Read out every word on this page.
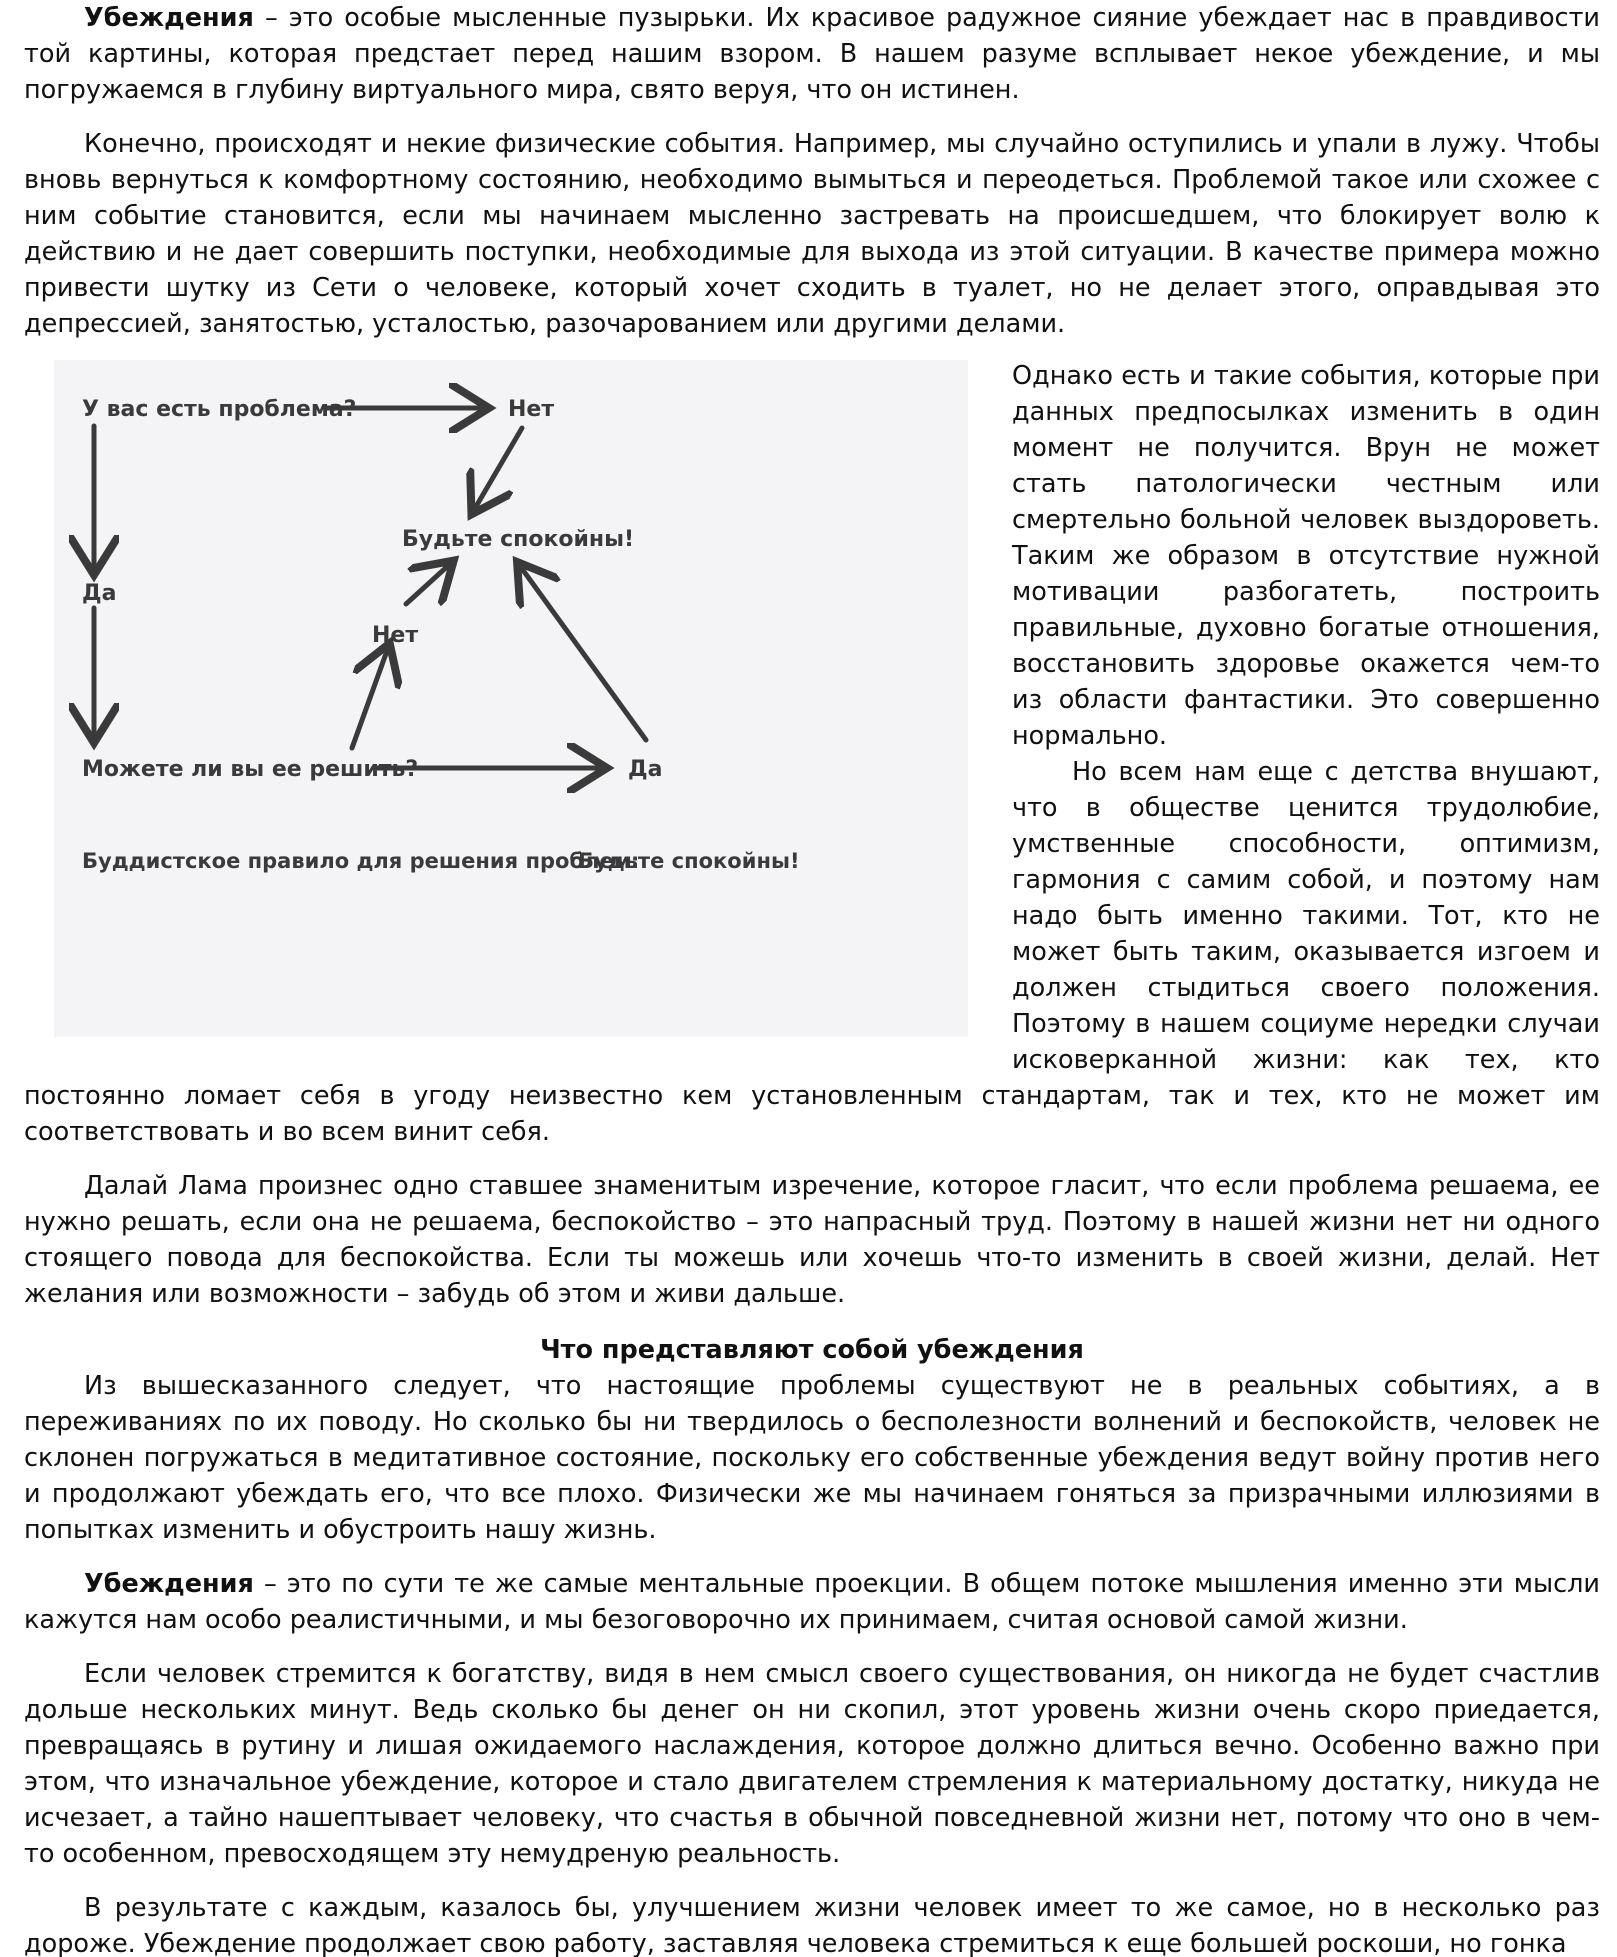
Убеждения – это особые мысленные пузырьки. Их красивое радужное сияние убеждает нас в правдивости той картины, которая предстает перед нашим взором. В нашем разуме всплывает некое убеждение, и мы погружаемся в глубину виртуального мира, свято веруя, что он истинен.

Конечно, происходят и некие физические события. Например, мы случайно оступились и упали в лужу. Чтобы вновь вернуться к комфортному состоянию, необходимо вымыться и переодеться. Проблемой такое или схожее с ним событие становится, если мы начинаем мысленно застревать на происшедшем, что блокирует волю к действию и не дает совершить поступки, необходимые для выхода из этой ситуации. В качестве примера можно привести шутку из Сети о человеке, который хочет сходить в туалет, но не делает этого, оправдывая это депрессией, занятостью, усталостью, разочарованием или другими делами.

У вас есть проблема?	Нет
Будьте спокойны!
Да
Нет
Можете ли вы ее решить?	Да
Буддистское правило для решения проблем:
Будьте спокойны!

Однако есть и такие события, которые при данных предпосылках изменить в один момент не получится. Врун не может стать патологически честным или смертельно больной человек выздороветь. Таким же образом в отсутствие нужной мотивации разбогатеть, построить правильные, духовно богатые отношения, восстановить здоровье окажется чем-то из области фантастики. Это совершенно нормально.

Но всем нам еще с детства внушают, что в обществе ценится трудолюбие, умственные способности, оптимизм, гармония с самим собой, и поэтому нам надо быть именно такими. Тот, кто не может быть таким, оказывается изгоем и должен стыдиться своего положения. Поэтому в нашем социуме нередки случаи исковерканной жизни: как тех, кто постоянно ломает себя в угоду неизвестно кем установленным стандартам, так и тех, кто не может им соответствовать и во всем винит себя.

Далай Лама произнес одно ставшее знаменитым изречение, которое гласит, что если проблема решаема, ее нужно решать, если она не решаема, беспокойство – это напрасный труд. Поэтому в нашей жизни нет ни одного стоящего повода для беспокойства. Если ты можешь или хочешь что-то изменить в своей жизни, делай. Нет желания или возможности – забудь об этом и живи дальше.

Что представляют собой убеждения

Из вышесказанного следует, что настоящие проблемы существуют не в реальных событиях, а в переживаниях по их поводу. Но сколько бы ни твердилось о бесполезности волнений и беспокойств, человек не склонен погружаться в медитативное состояние, поскольку его собственные убеждения ведут войну против него и продолжают убеждать его, что все плохо. Физически же мы начинаем гоняться за призрачными иллюзиями в попытках изменить и обустроить нашу жизнь.

Убеждения – это по сути те же самые ментальные проекции. В общем потоке мышления именно эти мысли кажутся нам особо реалистичными, и мы безоговорочно их принимаем, считая основой самой жизни.

Если человек стремится к богатству, видя в нем смысл своего существования, он никогда не будет счастлив дольше нескольких минут. Ведь сколько бы денег он ни скопил, этот уровень жизни очень скоро приедается, превращаясь в рутину и лишая ожидаемого наслаждения, которое должно длиться вечно. Особенно важно при этом, что изначальное убеждение, которое и стало двигателем стремления к материальному достатку, никуда не исчезает, а тайно нашептывает человеку, что счастья в обычной повседневной жизни нет, потому что оно в чем-то особенном, превосходящем эту немудреную реальность.

В результате с каждым, казалось бы, улучшением жизни человек имеет то же самое, но в несколько раз дороже. Убеждение продолжает свою работу, заставляя человека стремиться к еще большей роскоши, но гонка
